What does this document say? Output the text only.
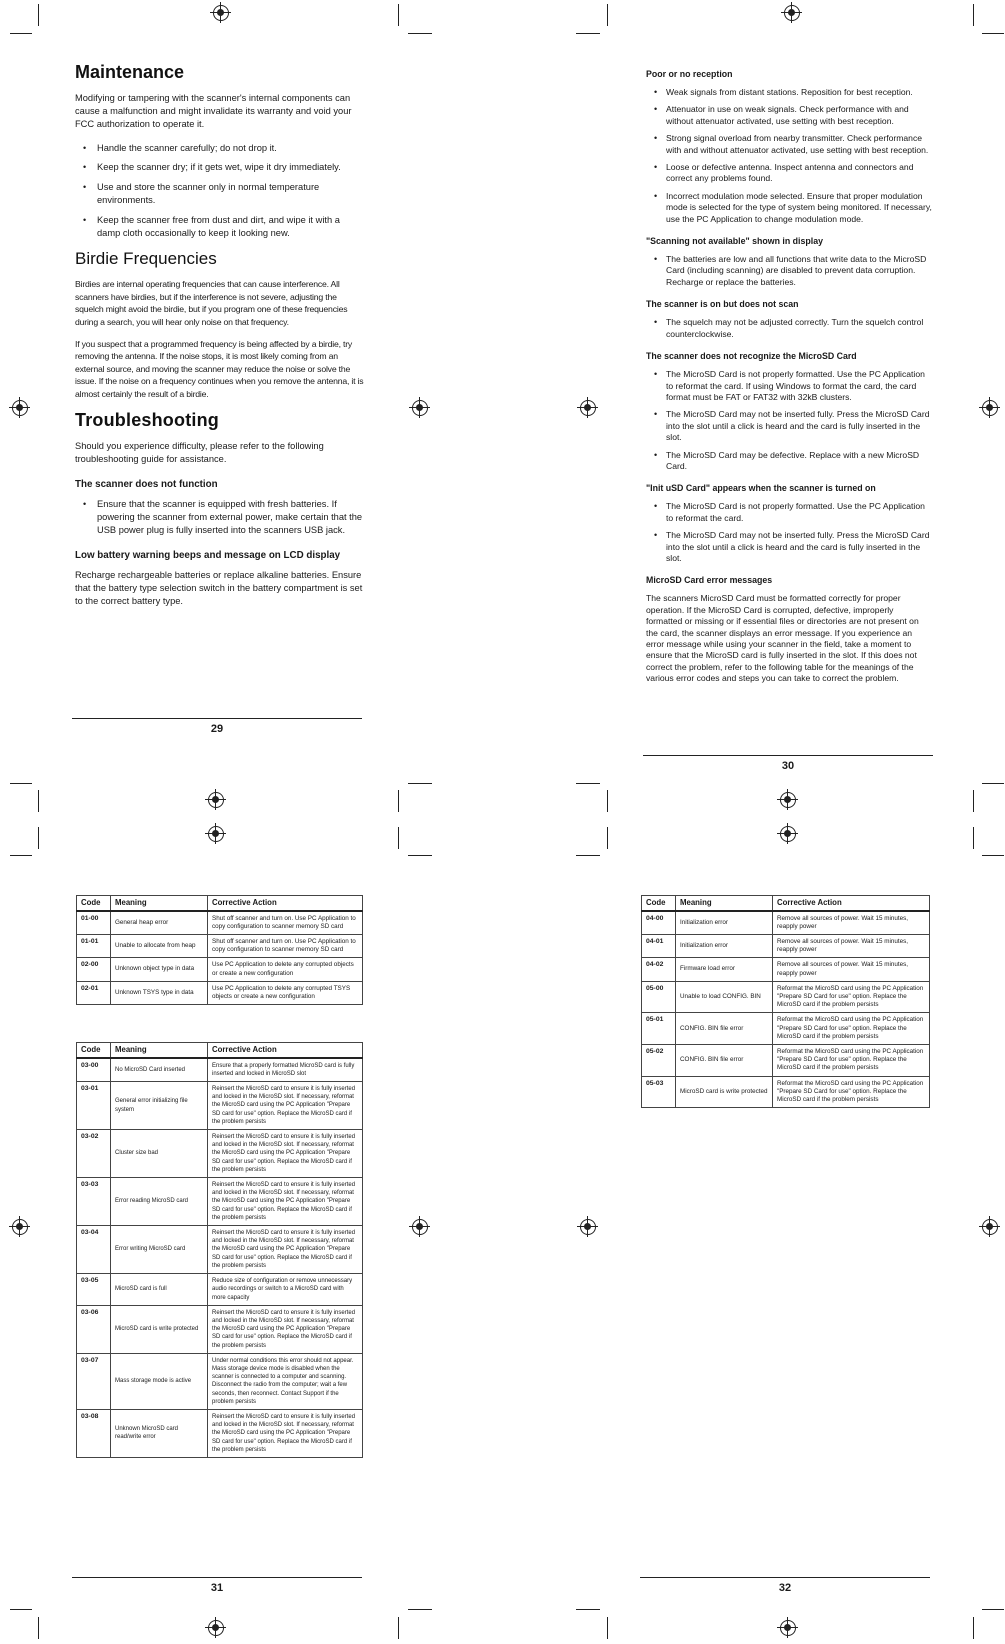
Maintenance

Modifying or tampering with the scanner's internal components can cause a malfunction and might invalidate its warranty and void your FCC authorization to operate it.

• Handle the scanner carefully; do not drop it.
• Keep the scanner dry; if it gets wet, wipe it dry immediately.
• Use and store the scanner only in normal temperature environments.
• Keep the scanner free from dust and dirt, and wipe it with a damp cloth occasionally to keep it looking new.
Birdie Frequencies

Birdies are internal operating frequencies that can cause interference. All scanners have birdies, but if the interference is not severe, adjusting the squelch might avoid the birdie, but if you program one of these frequencies during a search, you will hear only noise on that frequency.

If you suspect that a programmed frequency is being affected by a birdie, try removing the antenna. If the noise stops, it is most likely coming from an external source, and moving the scanner may reduce the noise or solve the issue. If the noise on a frequency continues when you remove the antenna, it is almost certainly the result of a birdie.

Troubleshooting

Should you experience difficulty, please refer to the following troubleshooting guide for assistance.

The scanner does not function
• Ensure that the scanner is equipped with fresh batteries. If powering the scanner from external power, make certain that the USB power plug is fully inserted into the scanners USB jack.
Low battery warning beeps and message on LCD display

Recharge rechargeable batteries or replace alkaline batteries. Ensure that the battery type selection switch in the battery compartment is set to the correct battery type.

29
Poor or no reception
• Weak signals from distant stations. Reposition for best reception.
• Attenuator in use on weak signals. Check performance with and without attenuator activated, use setting with best reception.
• Strong signal overload from nearby transmitter. Check performance with and without attenuator activated, use setting with best reception.
• Loose or defective antenna. Inspect antenna and connectors and correct any problems found.
• Incorrect modulation mode selected. Ensure that proper modulation mode is selected for the type of system being monitored. If necessary, use the PC Application to change modulation mode.
"Scanning not available" shown in display
• The batteries are low and all functions that write data to the MicroSD Card (including scanning) are disabled to prevent data corruption. Recharge or replace the batteries.
The scanner is on but does not scan
• The squelch may not be adjusted correctly. Turn the squelch control counterclockwise.
The scanner does not recognize the MicroSD Card
• The MicroSD Card is not properly formatted. Use the PC Application to reformat the card. If using Windows to format the card, the card format must be FAT or FAT32 with 32kB clusters.
• The MicroSD Card may not be inserted fully. Press the MicroSD Card into the slot until a click is heard and the card is fully inserted in the slot.
• The MicroSD Card may be defective. Replace with a new MicroSD Card.
"Init uSD Card" appears when the scanner is turned on
• The MicroSD Card is not properly formatted. Use the PC Application to reformat the card.
• The MicroSD Card may not be inserted fully. Press the MicroSD Card into the slot until a click is heard and the card is fully inserted in the slot.
MicroSD Card error messages

The scanners MicroSD Card must be formatted correctly for proper operation. If the MicroSD Card is corrupted, defective, improperly formatted or missing or if essential files or directories are not present on the card, the scanner displays an error message. If you experience an error message while using your scanner in the field, take a moment to ensure that the MicroSD card is fully inserted in the slot. If this does not correct the problem, refer to the following table for the meanings of the various error codes and steps you can take to correct the problem.

30
Code	Meaning	Corrective Action
01-00	General heap error	Shut off scanner and turn on. Use PC Application to copy configuration to scanner memory SD card
01-01	Unable to allocate from heap	Shut off scanner and turn on. Use PC Application to copy configuration to scanner memory SD card
02-00	Unknown object type in data	Use PC Application to delete any corrupted objects or create a new configuration
02-01	Unknown TSYS type in data	Use PC Application to delete any corrupted TSYS objects or create a new configuration
Code	Meaning	Corrective Action
03-00	No MicroSD Card inserted	Ensure that a properly formatted MicroSD card is fully inserted and locked in MicroSD slot
03-01	General error initializing file system	Reinsert the MicroSD card to ensure it is fully inserted and locked in the MicroSD slot. If necessary, reformat the MicroSD card using the PC Application "Prepare SD card for use" option. Replace the MicroSD card if the problem persists
03-02	Cluster size bad	Reinsert the MicroSD card to ensure it is fully inserted and locked in the MicroSD slot. If necessary, reformat the MicroSD card using the PC Application "Prepare SD card for use" option. Replace the MicroSD card if the problem persists
03-03	Error reading MicroSD card	Reinsert the MicroSD card to ensure it is fully inserted and locked in the MicroSD slot. If necessary, reformat the MicroSD card using the PC Application "Prepare SD card for use" option. Replace the MicroSD card if the problem persists
03-04	Error writing MicroSD card	Reinsert the MicroSD card to ensure it is fully inserted and locked in the MicroSD slot. If necessary, reformat the MicroSD card using the PC Application "Prepare SD card for use" option. Replace the MicroSD card if the problem persists
03-05	MicroSD card is full	Reduce size of configuration or remove unnecessary audio recordings or switch to a MicroSD card with more capacity
03-06	MicroSD card is write protected	Reinsert the MicroSD card to ensure it is fully inserted and locked in the MicroSD slot. If necessary, reformat the MicroSD card using the PC Application "Prepare SD card for use" option. Replace the MicroSD card if the problem persists
03-07	Mass storage mode is active	Under normal conditions this error should not appear. Mass storage device mode is disabled when the scanner is connected to a computer and scanning. Disconnect the radio from the computer; wait a few seconds, then reconnect. Contact Support if the problem persists
03-08	Unknown MicroSD card read/write error	Reinsert the MicroSD card to ensure it is fully inserted and locked in the MicroSD slot. If necessary, reformat the MicroSD card using the PC Application "Prepare SD card for use" option. Replace the MicroSD card if the problem persists
31
Code	Meaning	Corrective Action
04-00	Initialization error	Remove all sources of power. Wait 15 minutes, reapply power
04-01	Initialization error	Remove all sources of power. Wait 15 minutes, reapply power
04-02	Firmware load error	Remove all sources of power. Wait 15 minutes, reapply power
05-00	Unable to load CONFIG. BIN	Reformat the MicroSD card using the PC Application "Prepare SD Card for use" option. Replace the MicroSD card if the problem persists
05-01	CONFIG. BIN file error	Reformat the MicroSD card using the PC Application "Prepare SD Card for use" option. Replace the MicroSD card if the problem persists
05-02	CONFIG. BIN file error	Reformat the MicroSD card using the PC Application "Prepare SD Card for use" option. Replace the MicroSD card if the problem persists
05-03	MicroSD card is write protected	Reformat the MicroSD card using the PC Application "Prepare SD Card for use" option. Replace the MicroSD card if the problem persists
32
